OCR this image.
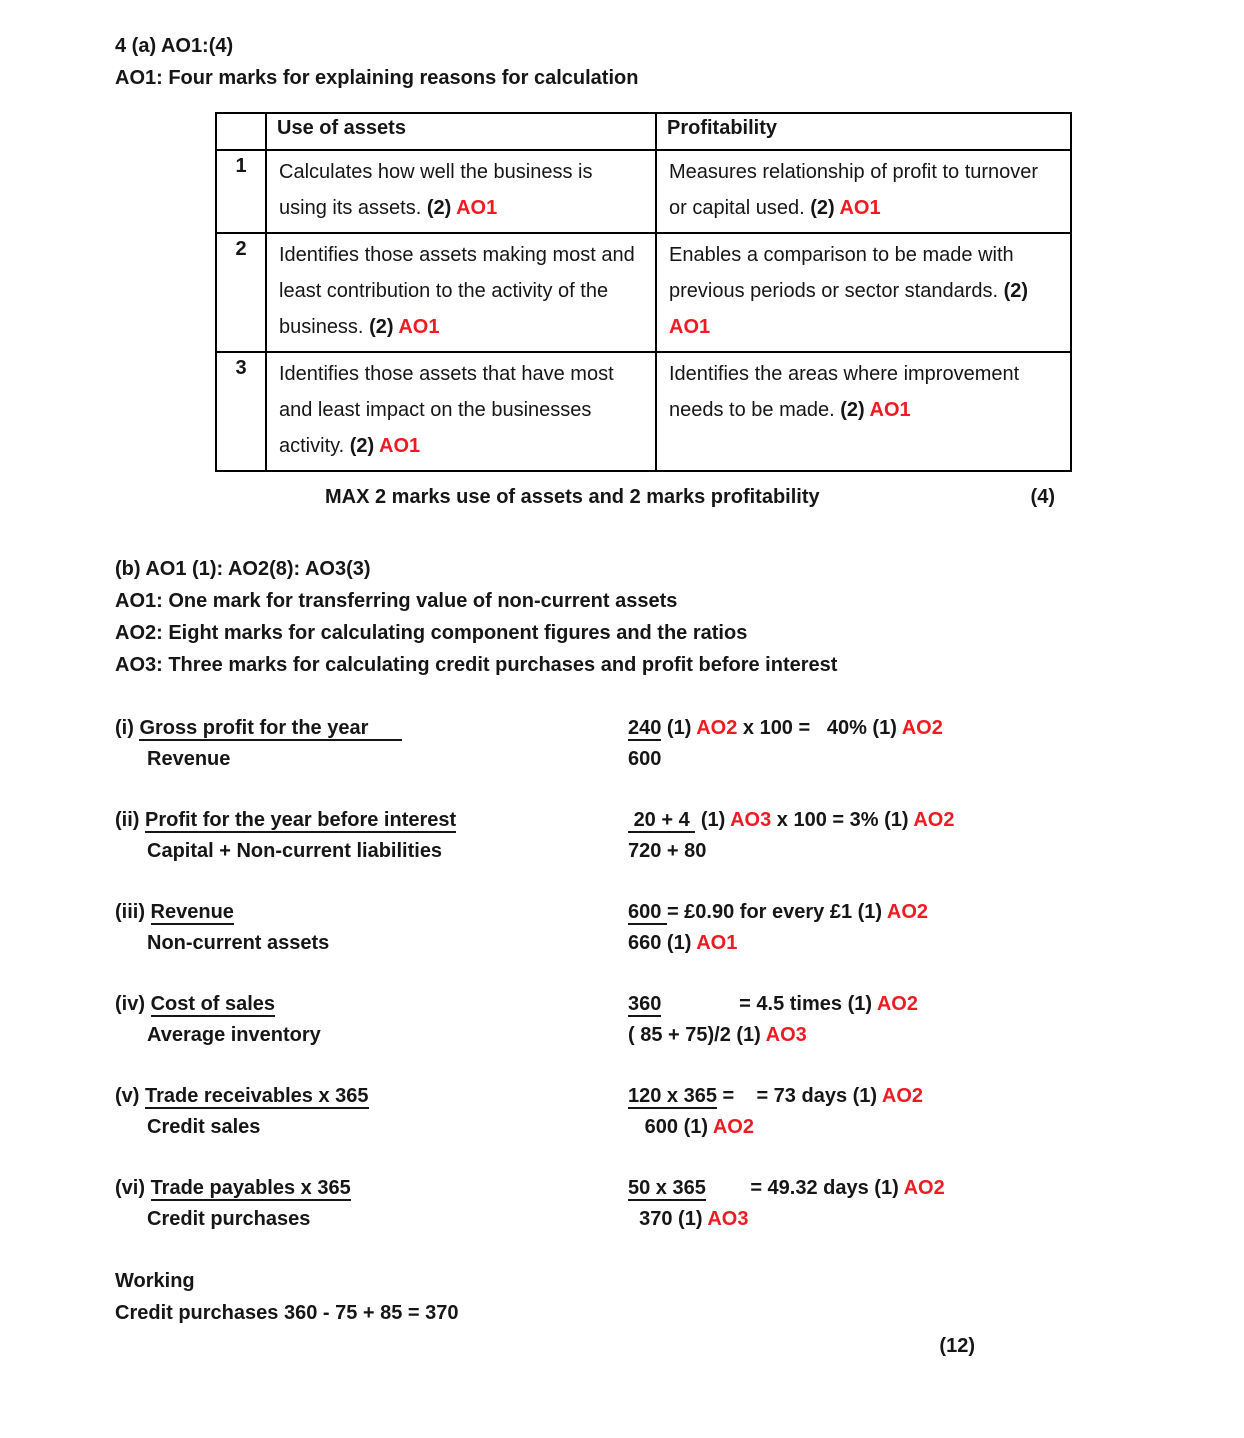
4 (a) AO1:(4)
AO1: Four marks for explaining reasons for calculation
	Use of assets	Profitability
1	Calculates how well the business is using its assets. (2) AO1	Measures relationship of profit to turnover or capital used. (2) AO1
2	Identifies those assets making most and least contribution to the activity of the business. (2) AO1	Enables a comparison to be made with previous periods or sector standards. (2) AO1
3	Identifies those assets that have most and least impact on the businesses activity. (2) AO1	Identifies the areas where improvement needs to be made. (2) AO1
MAX 2 marks use of assets and 2 marks profitability	(4)
(b) AO1 (1): AO2(8): AO3(3)
AO1: One mark for transferring value of non-current assets
AO2: Eight marks for calculating component figures and the ratios
AO3: Three marks for calculating credit purchases and profit before interest
(i) Gross profit for the year
Revenue
240 (1) AO2 x 100 =   40% (1) AO2
600
(ii) Profit for the year before interest
Capital + Non-current liabilities
20 + 4  (1) AO3 x 100 = 3% (1) AO2
720 + 80
(iii) Revenue
Non-current assets
600 = £0.90 for every £1 (1) AO2
660 (1) AO1
(iv) Cost of sales
Average inventory
360              = 4.5 times (1) AO2
( 85 + 75)/2 (1) AO3
(v) Trade receivables x 365
Credit sales
120 x 365 =    = 73 days (1) AO2
600 (1) AO2
(vi) Trade payables x 365
Credit purchases
50 x 365        = 49.32 days (1) AO2
370 (1) AO3
Working
Credit purchases 360 - 75 + 85 = 370
(12)
